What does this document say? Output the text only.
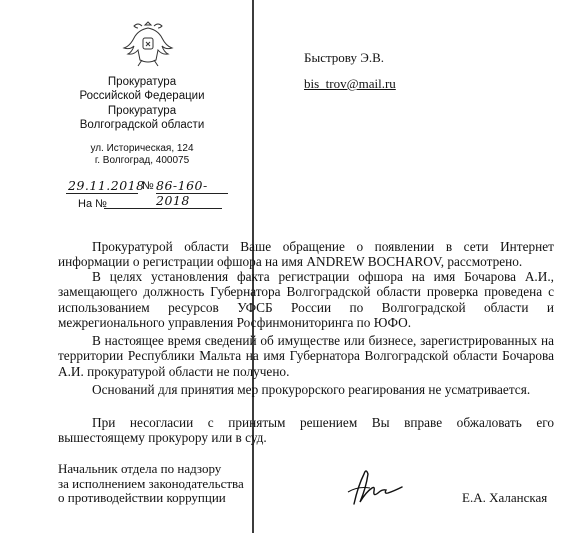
Прокуратура
Российской Федерации
Прокуратура
Волгоградской области
ул. Историческая, 124
г. Волгоград, 400075
29.11.2018
№ 86-160-2018
На №
Быстрову Э.В.
bis_trov@mail.ru
Прокуратурой области Ваше обращение о появлении в сети Интернет информации о регистрации офшора на имя ANDREW BOCHAROV, рассмотрено.
В целях установления факта регистрации офшора на имя Бочарова А.И., замещающего должность Губернатора Волгоградской области проверка проведена с использованием ресурсов УФСБ России по Волгоградской области и межрегионального управления Росфинмониторинга по ЮФО.
В настоящее время сведений об имуществе или бизнесе, зарегистрированных на территории Республики Мальта на имя Губернатора Волгоградской области Бочарова А.И. прокуратурой области не получено.
Оснований для принятия мер прокурорского реагирования не усматривается.
При несогласии с принятым решением Вы вправе обжаловать его вышестоящему прокурору или в суд.
Начальник отдела по надзору
за исполнением законодательства
о противодействии коррупции	Е.А. Халанская
